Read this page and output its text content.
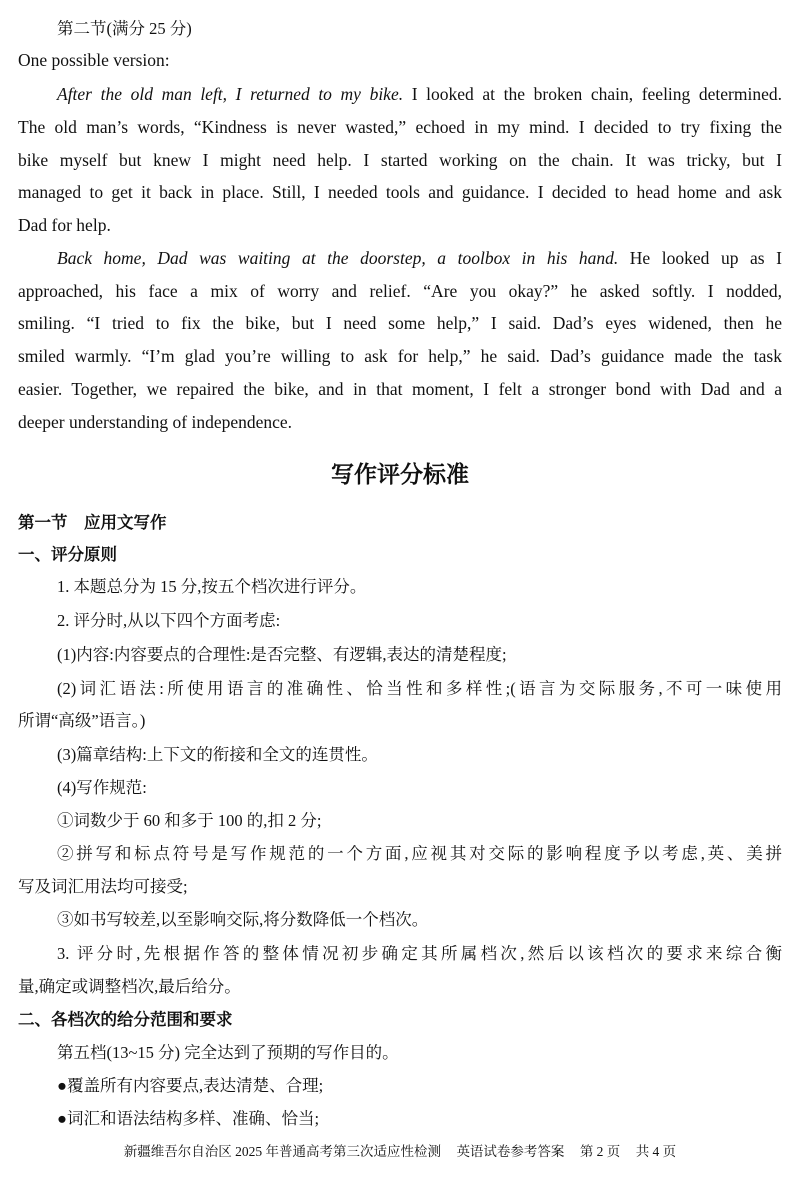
第二节(满分 25 分)
One possible version:
After the old man left, I returned to my bike. I looked at the broken chain, feeling determined.
The old man’s words, “Kindness is never wasted,” echoed in my mind. I decided to try fixing the
bike myself but knew I might need help. I started working on the chain. It was tricky, but I
managed to get it back in place. Still, I needed tools and guidance. I decided to head home and ask
Dad for help.
Back home, Dad was waiting at the doorstep, a toolbox in his hand. He looked up as I
approached, his face a mix of worry and relief. “Are you okay?” he asked softly. I nodded,
smiling. “I tried to fix the bike, but I need some help,” I said. Dad’s eyes widened, then he
smiled warmly. “I’m glad you’re willing to ask for help,” he said. Dad’s guidance made the task
easier. Together, we repaired the bike, and in that moment, I felt a stronger bond with Dad and a
deeper understanding of independence.
写作评分标准
第一节　应用文写作
一、评分原则
1. 本题总分为 15 分,按五个档次进行评分。
2. 评分时,从以下四个方面考虑:
(1)内容:内容要点的合理性:是否完整、有逻辑,表达的清楚程度;
(2)词汇语法:所使用语言的准确性、恰当性和多样性;(语言为交际服务,不可一味使用
所谓“高级”语言。)
(3)篇章结构:上下文的衔接和全文的连贯性。
(4)写作规范:
①词数少于 60 和多于 100 的,扣 2 分;
②拼写和标点符号是写作规范的一个方面,应视其对交际的影响程度予以考虑,英、美拼
写及词汇用法均可接受;
③如书写较差,以至影响交际,将分数降低一个档次。
3. 评分时,先根据作答的整体情况初步确定其所属档次,然后以该档次的要求来综合衡
量,确定或调整档次,最后给分。
二、各档次的给分范围和要求
第五档(13~15 分) 完全达到了预期的写作目的。
●覆盖所有内容要点,表达清楚、合理;
●词汇和语法结构多样、准确、恰当;
新疆维吾尔自治区 2025 年普通高考第三次适应性检测 英语试卷参考答案 第 2 页 共 4 页
